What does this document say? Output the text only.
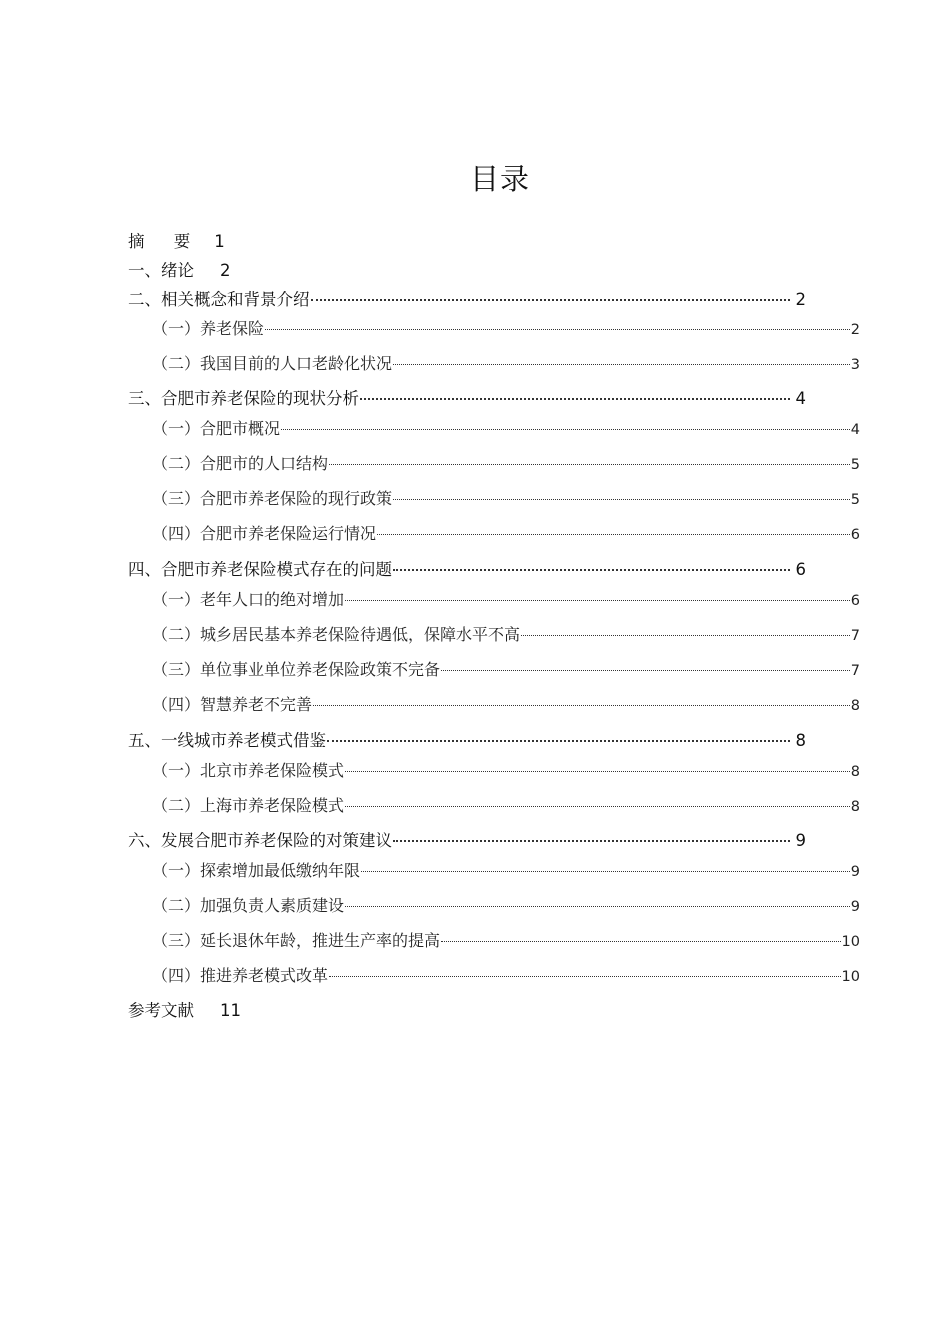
目录
摘 要 1
一、绪论 2
二、相关概念和背景介绍	2
（一）养老保险	2
（二）我国目前的人口老龄化状况	3
三、合肥市养老保险的现状分析	4
（一）合肥市概况	4
（二）合肥市的人口结构	5
（三）合肥市养老保险的现行政策	5
（四）合肥市养老保险运行情况	6
四、合肥市养老保险模式存在的问题	6
（一）老年人口的绝对增加	6
（二）城乡居民基本养老保险待遇低，保障水平不高	7
（三）单位事业单位养老保险政策不完备	7
（四）智慧养老不完善	8
五、一线城市养老模式借鉴	8
（一）北京市养老保险模式	8
（二）上海市养老保险模式	8
六、发展合肥市养老保险的对策建议	9
（一）探索增加最低缴纳年限	9
（二）加强负责人素质建设	9
（三）延长退休年龄，推进生产率的提高	10
（四）推进养老模式改革	10
参考文献 11
